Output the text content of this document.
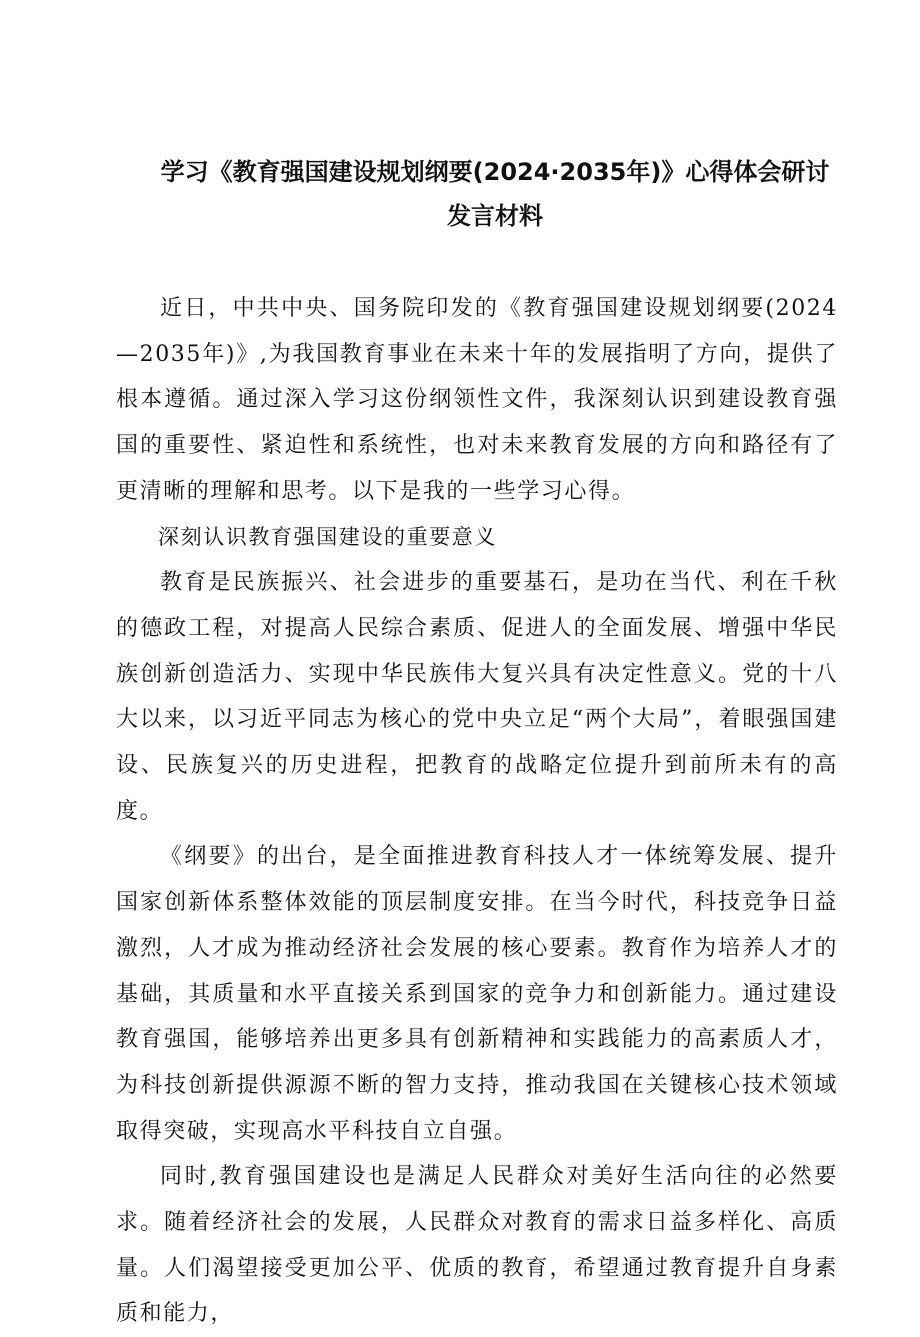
学习《教育强国建设规划纲要(2024·2035年)》心得体会研讨发言材料

近日，中共中央、国务院印发的《教育强国建设规划纲要(2024—2035年)》,为我国教育事业在未来十年的发展指明了方向，提供了根本遵循。通过深入学习这份纲领性文件，我深刻认识到建设教育强国的重要性、紧迫性和系统性，也对未来教育发展的方向和路径有了更清晰的理解和思考。以下是我的一些学习心得。

深刻认识教育强国建设的重要意义

教育是民族振兴、社会进步的重要基石，是功在当代、利在千秋的德政工程，对提高人民综合素质、促进人的全面发展、增强中华民族创新创造活力、实现中华民族伟大复兴具有决定性意义。党的十八大以来，以习近平同志为核心的党中央立足“两个大局”，着眼强国建设、民族复兴的历史进程，把教育的战略定位提升到前所未有的高度。

《纲要》的出台，是全面推进教育科技人才一体统筹发展、提升国家创新体系整体效能的顶层制度安排。在当今时代，科技竞争日益激烈，人才成为推动经济社会发展的核心要素。教育作为培养人才的基础，其质量和水平直接关系到国家的竞争力和创新能力。通过建设教育强国，能够培养出更多具有创新精神和实践能力的高素质人才，为科技创新提供源源不断的智力支持，推动我国在关键核心技术领域取得突破，实现高水平科技自立自强。

同时,教育强国建设也是满足人民群众对美好生活向往的必然要求。随着经济社会的发展，人民群众对教育的需求日益多样化、高质量。人们渴望接受更加公平、优质的教育，希望通过教育提升自身素质和能力，
